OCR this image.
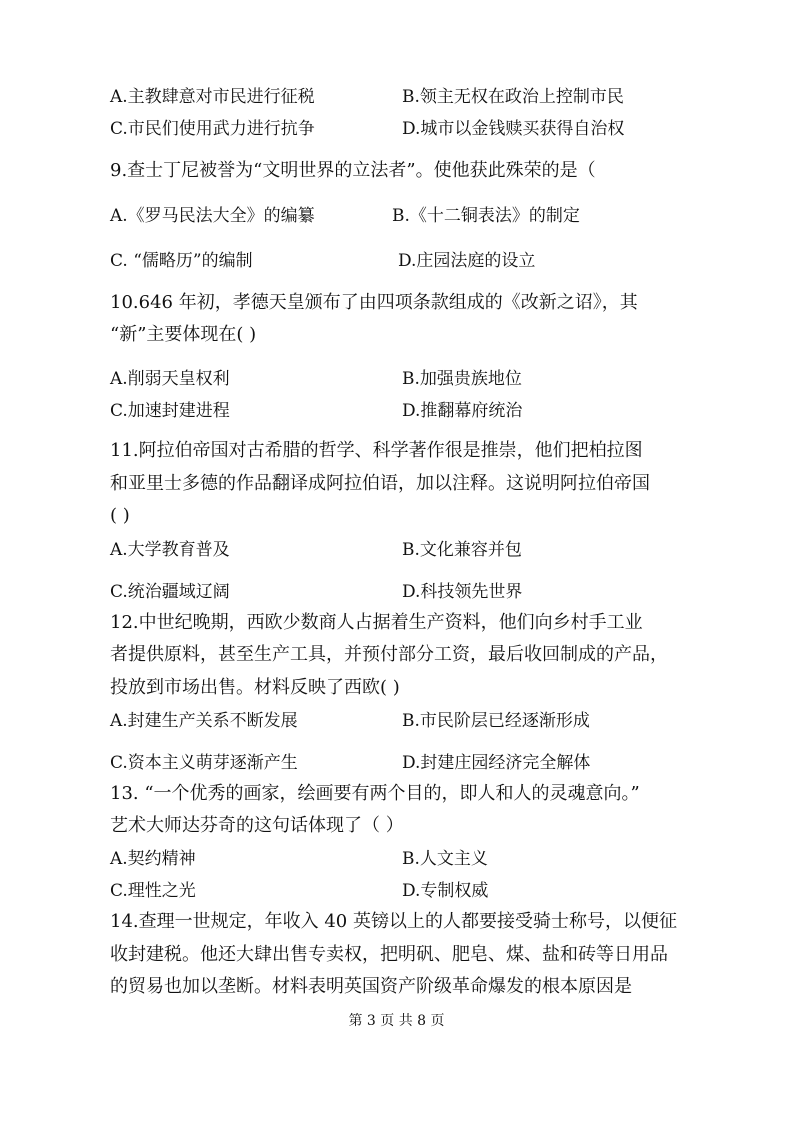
A.主教肆意对市民进行征税	B.领主无权在政治上控制市民
C.市民们使用武力进行抗争	D.城市以金钱赎买获得自治权
9.查士丁尼被誉为“文明世界的立法者”。使他获此殊荣的是（
A.《罗马民法大全》的编纂	B.《十二铜表法》的制定
C. “儒略历”的编制	D.庄园法庭的设立
10.646 年初，孝德天皇颁布了由四项条款组成的《改新之诏》，其
“新”主要体现在( )
A.削弱天皇权利	B.加强贵族地位
C.加速封建进程	D.推翻幕府统治
11.阿拉伯帝国对古希腊的哲学、科学著作很是推崇，他们把柏拉图
和亚里士多德的作品翻译成阿拉伯语，加以注释。这说明阿拉伯帝国
( )
A.大学教育普及	B.文化兼容并包
C.统治疆域辽阔	D.科技领先世界
12.中世纪晚期，西欧少数商人占据着生产资料，他们向乡村手工业
者提供原料，甚至生产工具，并预付部分工资，最后收回制成的产品，
投放到市场出售。材料反映了西欧( )
A.封建生产关系不断发展	B.市民阶层已经逐渐形成
C.资本主义萌芽逐渐产生	D.封建庄园经济完全解体
13. “一个优秀的画家，绘画要有两个目的，即人和人的灵魂意向。”
艺术大师达芬奇的这句话体现了（ ）
A.契约精神	B.人文主义
C.理性之光	D.专制权威
14.查理一世规定，年收入 40 英镑以上的人都要接受骑士称号，以便征
收封建税。他还大肆出售专卖权，把明矾、肥皂、煤、盐和砖等日用品
的贸易也加以垄断。材料表明英国资产阶级革命爆发的根本原因是
第 3 页 共 8 页
